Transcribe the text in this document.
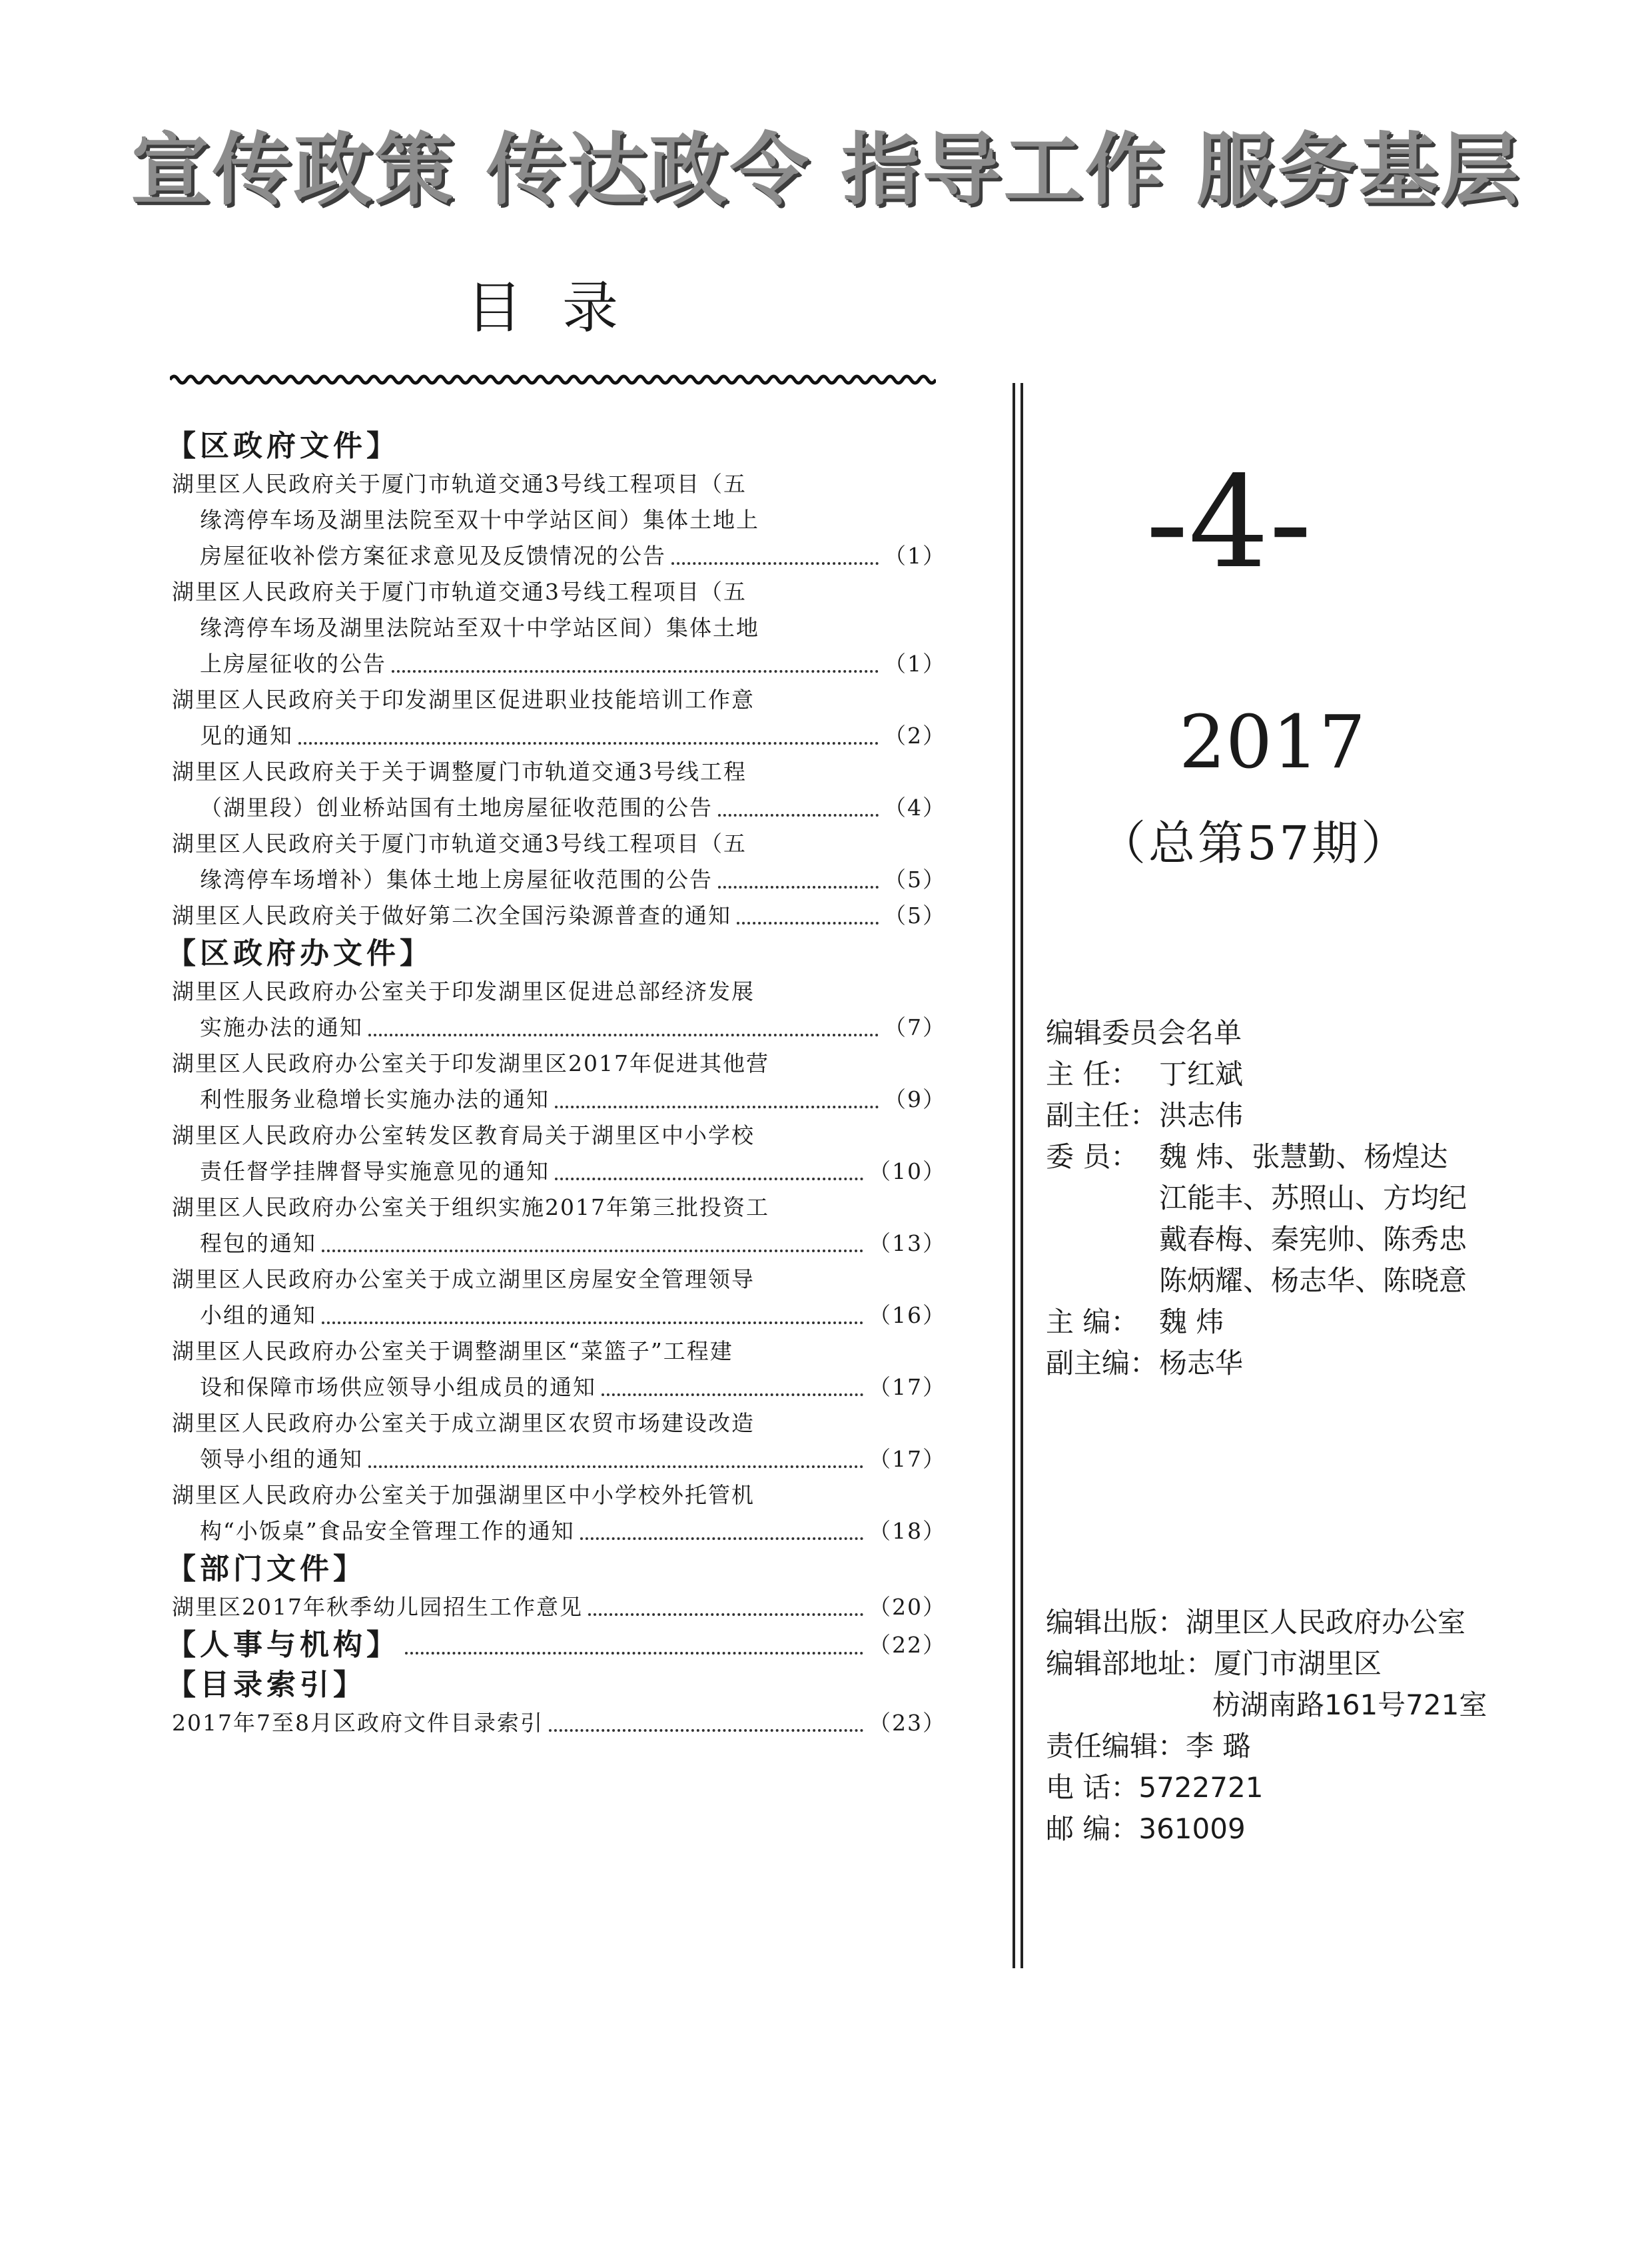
宣传政策 传达政令 指导工作 服务基层
目录
【区政府文件】
湖里区人民政府关于厦门市轨道交通3号线工程项目（五
缘湾停车场及湖里法院至双十中学站区间）集体土地上
房屋征收补偿方案征求意见及反馈情况的公告	（1）
湖里区人民政府关于厦门市轨道交通3号线工程项目（五
缘湾停车场及湖里法院站至双十中学站区间）集体土地
上房屋征收的公告	（1）
湖里区人民政府关于印发湖里区促进职业技能培训工作意
见的通知	（2）
湖里区人民政府关于关于调整厦门市轨道交通3号线工程
（湖里段）创业桥站国有土地房屋征收范围的公告	（4）
湖里区人民政府关于厦门市轨道交通3号线工程项目（五
缘湾停车场增补）集体土地上房屋征收范围的公告	（5）
湖里区人民政府关于做好第二次全国污染源普查的通知	（5）
【区政府办文件】
湖里区人民政府办公室关于印发湖里区促进总部经济发展
实施办法的通知	（7）
湖里区人民政府办公室关于印发湖里区2017年促进其他营
利性服务业稳增长实施办法的通知	（9）
湖里区人民政府办公室转发区教育局关于湖里区中小学校
责任督学挂牌督导实施意见的通知	（10）
湖里区人民政府办公室关于组织实施2017年第三批投资工
程包的通知	（13）
湖里区人民政府办公室关于成立湖里区房屋安全管理领导
小组的通知	（16）
湖里区人民政府办公室关于调整湖里区“菜篮子”工程建
设和保障市场供应领导小组成员的通知	（17）
湖里区人民政府办公室关于成立湖里区农贸市场建设改造
领导小组的通知	（17）
湖里区人民政府办公室关于加强湖里区中小学校外托管机
构“小饭桌”食品安全管理工作的通知	（18）
【部门文件】
湖里区2017年秋季幼儿园招生工作意见	（20）
【人事与机构】	（22）
【目录索引】
2017年7至8月区政府文件目录索引	（23）
-4-
2017
（总第57期）
编辑委员会名单
主 任： 丁红斌
副主任： 洪志伟
委 员： 魏 炜、张慧勤、杨煌达
江能丰、苏照山、方均纪
戴春梅、秦宪帅、陈秀忠
陈炳耀、杨志华、陈晓意
主 编： 魏 炜
副主编： 杨志华
编辑出版：湖里区人民政府办公室
编辑部地址：厦门市湖里区
枋湖南路161号721室
责任编辑：李 璐
电 话：5722721
邮 编：361009
